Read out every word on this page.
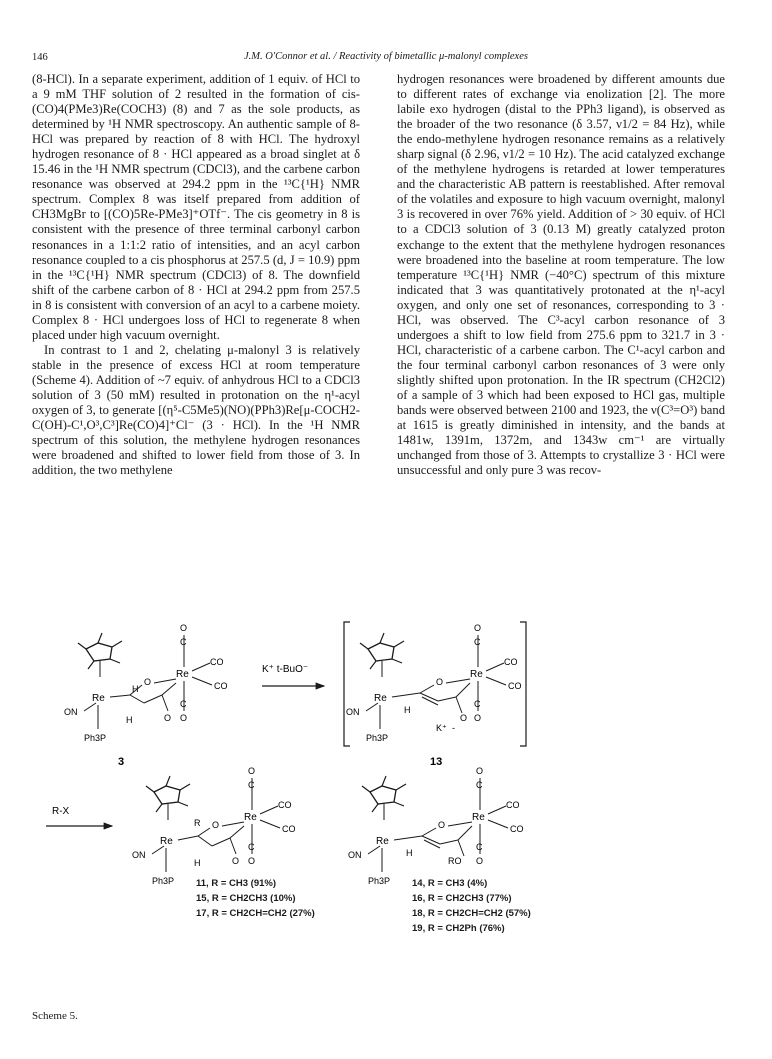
146	J.M. O'Connor et al. / Reactivity of bimetallic μ-malonyl complexes

(8-HCl). In a separate experiment, addition of 1 equiv. of HCl to a 9 mM THF solution of 2 resulted in the formation of cis-(CO)4(PMe3)Re(COCH3) (8) and 7 as the sole products, as determined by ¹H NMR spectroscopy. An authentic sample of 8-HCl was prepared by reaction of 8 with HCl. The hydroxyl hydrogen resonance of 8 · HCl appeared as a broad singlet at δ 15.46 in the ¹H NMR spectrum (CDCl3), and the carbene carbon resonance was observed at 294.2 ppm in the ¹³C{¹H} NMR spectrum. Complex 8 was itself prepared from addition of CH3MgBr to [(CO)5Re-PMe3]⁺OTf⁻. The cis geometry in 8 is consistent with the presence of three terminal carbonyl carbon resonances in a 1:1:2 ratio of intensities, and an acyl carbon resonance coupled to a cis phosphorus at 257.5 (d, J = 10.9) ppm in the ¹³C{¹H} NMR spectrum (CDCl3) of 8. The downfield shift of the carbene carbon of 8 · HCl at 294.2 ppm from 257.5 in 8 is consistent with conversion of an acyl to a carbene moiety. Complex 8 · HCl undergoes loss of HCl to regenerate 8 when placed under high vacuum overnight.

In contrast to 1 and 2, chelating μ-malonyl 3 is relatively stable in the presence of excess HCl at room temperature (Scheme 4). Addition of ~7 equiv. of anhydrous HCl to a CDCl3 solution of 3 (50 mM) resulted in protonation on the η¹-acyl oxygen of 3, to generate [(η⁵-C5Me5)(NO)(PPh3)Re[μ-COCH2-C(OH)-C¹,O³,C³]Re(CO)4]⁺Cl⁻ (3 · HCl). In the ¹H NMR spectrum of this solution, the methylene hydrogen resonances were broadened and shifted to lower field from those of 3. In addition, the two methylene

hydrogen resonances were broadened by different amounts due to different rates of exchange via enolization [2]. The more labile exo hydrogen (distal to the PPh3 ligand), is observed as the broader of the two resonance (δ 3.57, ν1/2 = 84 Hz), while the endo-methylene hydrogen resonance remains as a relatively sharp signal (δ 2.96, ν1/2 = 10 Hz). The acid catalyzed exchange of the methylene hydrogens is retarded at lower temperatures and the characteristic AB pattern is reestablished. After removal of the volatiles and exposure to high vacuum overnight, malonyl 3 is recovered in over 76% yield. Addition of > 30 equiv. of HCl to a CDCl3 solution of 3 (0.13 M) greatly catalyzed proton exchange to the extent that the methylene hydrogen resonances were broadened into the baseline at room temperature. The low temperature ¹³C{¹H} NMR (−40°C) spectrum of this mixture indicated that 3 was quantitatively protonated at the η¹-acyl oxygen, and only one set of resonances, corresponding to 3 · HCl, was observed. The C³-acyl carbon resonance of 3 undergoes a shift to low field from 275.6 ppm to 321.7 in 3 · HCl, characteristic of a carbene carbon. The C¹-acyl carbon and the four terminal carbonyl carbon resonances of 3 were only slightly shifted upon protonation. In the IR spectrum (CH2Cl2) of a sample of 3 which had been exposed to HCl gas, multiple bands were observed between 2100 and 1923, the ν(C³=O³) band at 1615 is greatly diminished in intensity, and the bands at 1481w, 1391m, 1372m, and 1343w cm⁻¹ are virtually unchanged from those of 3. Attempts to crystallize 3 · HCl were unsuccessful and only pure 3 was recov-

Re
ON
Ph3P
H
O
H	O
Re
C
O
CO
CO
C
O
3
K⁺ t-BuO⁻
Re
ON
Ph3P
O
H
K⁺ -
O
Re
C
O
CO
CO
C
O
13
R-X
Re
ON
Ph3P
R O
H	O
Re
C
O
CO
CO
C
O
Re
ON
Ph3P
O
H
RO
Re
C
O
CO
CO
C
O
11, R = CH3 (91%)
15, R = CH2CH3 (10%)
17, R = CH2CH=CH2 (27%)
14, R = CH3 (4%)
16, R = CH2CH3 (77%)
18, R = CH2CH=CH2 (57%)
19, R = CH2Ph (76%)
Scheme 5.
